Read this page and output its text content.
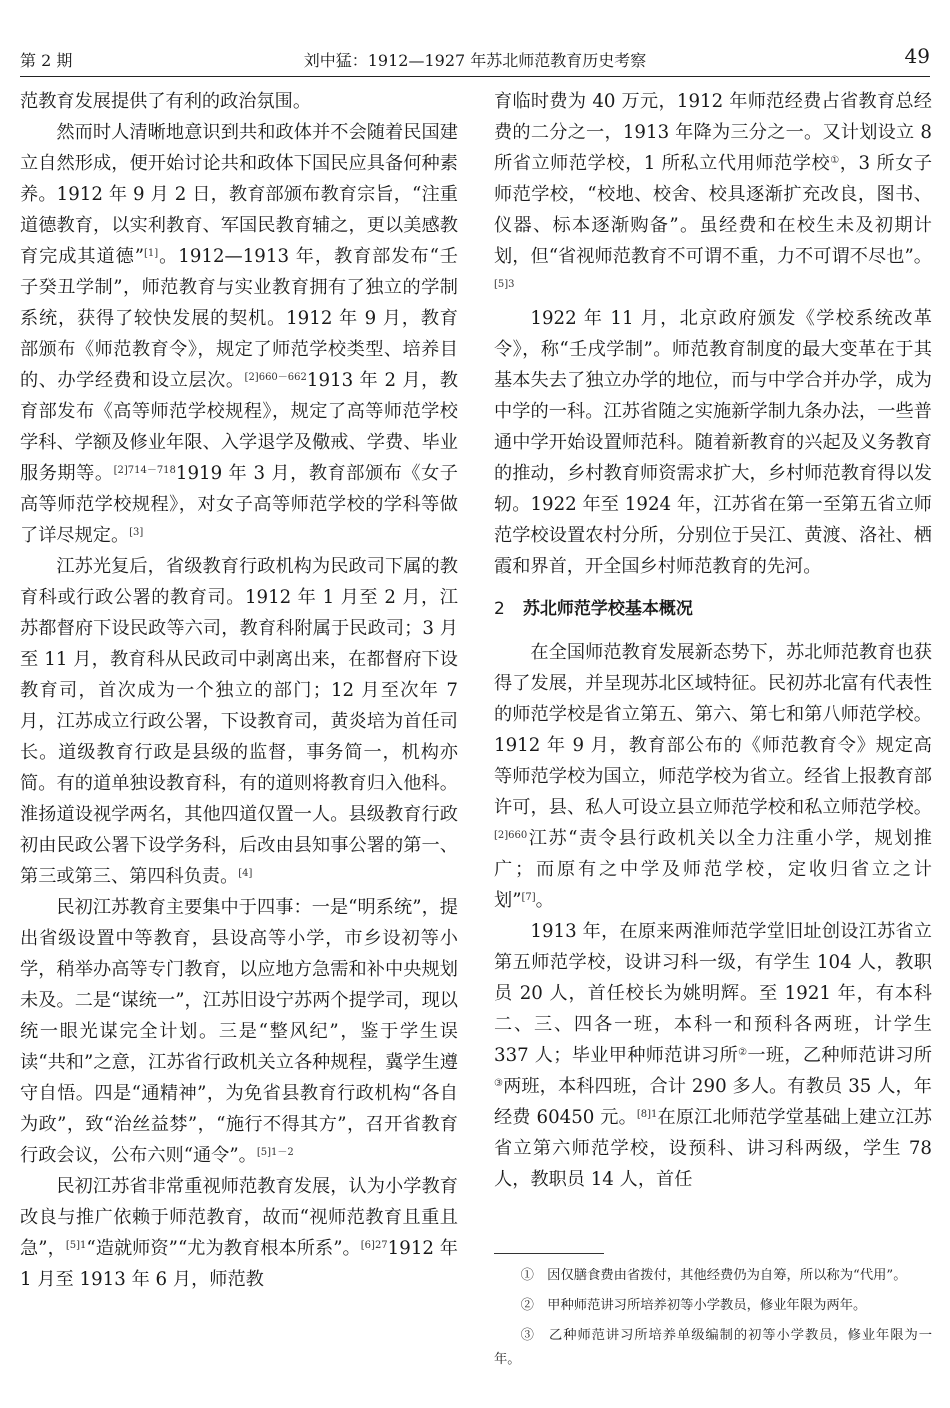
第 2 期	刘中猛：1912—1927 年苏北师范教育历史考察	49

范教育发展提供了有利的政治氛围。

然而时人清晰地意识到共和政体并不会随着民国建立自然形成，便开始讨论共和政体下国民应具备何种素养。1912 年 9 月 2 日，教育部颁布教育宗旨，“注重道德教育，以实利教育、军国民教育辅之，更以美感教育完成其道德”[1]。1912—1913 年，教育部发布“壬子癸丑学制”，师范教育与实业教育拥有了独立的学制系统，获得了较快发展的契机。1912 年 9 月，教育部颁布《师范教育令》，规定了师范学校类型、培养目的、办学经费和设立层次。$^{[2]660-662}$1913 年 2 月，教育部发布《高等师范学校规程》，规定了高等师范学校学科、学额及修业年限、入学退学及儆戒、学费、毕业服务期等。$^{[2]714-718}$1919 年 3 月，教育部颁布《女子高等师范学校规程》，对女子高等师范学校的学科等做了详尽规定。[3]

江苏光复后，省级教育行政机构为民政司下属的教育科或行政公署的教育司。1912 年 1 月至 2 月，江苏都督府下设民政等六司，教育科附属于民政司；3 月至 11 月，教育科从民政司中剥离出来，在都督府下设教育司，首次成为一个独立的部门；12 月至次年 7 月，江苏成立行政公署，下设教育司，黄炎培为首任司长。道级教育行政是县级的监督，事务简一，机构亦简。有的道单独设教育科，有的道则将教育归入他科。淮扬道设视学两名，其他四道仅置一人。县级教育行政初由民政公署下设学务科，后改由县知事公署的第一、第三或第三、第四科负责。[4]

民初江苏教育主要集中于四事：一是“明系统”，提出省级设置中等教育，县设高等小学，市乡设初等小学，稍举办高等专门教育，以应地方急需和补中央规划未及。二是“谋统一”，江苏旧设宁苏两个提学司，现以统一眼光谋完全计划。三是“整风纪”，鉴于学生误读“共和”之意，江苏省行政机关立各种规程，冀学生遵守自悟。四是“通精神”，为免省县教育行政机构“各自为政”，致“治丝益棼”，“施行不得其方”，召开省教育行政会议，公布六则“通令”。$^{[5]1-2}$

民初江苏省非常重视师范教育发展，认为小学教育改良与推广依赖于师范教育，故而“视师范教育且重且急”，$^{[5]1}$“造就师资”“尤为教育根本所系”。$^{[6]27}$1912 年 1 月至 1913 年 6 月，师范教

育临时费为 40 万元，1912 年师范经费占省教育总经费的二分之一，1913 年降为三分之一。又计划设立 8 所省立师范学校，1 所私立代用师范学校①，3 所女子师范学校，“校地、校舍、校具逐渐扩充改良，图书、仪器、标本逐渐购备”。虽经费和在校生未及初期计划，但“省视师范教育不可谓不重，力不可谓不尽也”。$^{[5]3}$

1922 年 11 月，北京政府颁发《学校系统改革令》，称“壬戌学制”。师范教育制度的最大变革在于其基本失去了独立办学的地位，而与中学合并办学，成为中学的一科。江苏省随之实施新学制九条办法，一些普通中学开始设置师范科。随着新教育的兴起及义务教育的推动，乡村教育师资需求扩大，乡村师范教育得以发轫。1922 年至 1924 年，江苏省在第一至第五省立师范学校设置农村分所，分别位于吴江、黄渡、洛社、栖霞和界首，开全国乡村师范教育的先河。

2 苏北师范学校基本概况

在全国师范教育发展新态势下，苏北师范教育也获得了发展，并呈现苏北区域特征。民初苏北富有代表性的师范学校是省立第五、第六、第七和第八师范学校。1912 年 9 月，教育部公布的《师范教育令》规定高等师范学校为国立，师范学校为省立。经省上报教育部许可，县、私人可设立县立师范学校和私立师范学校。$^{[2]660}$江苏“责令县行政机关以全力注重小学，规划推广；而原有之中学及师范学校，定收归省立之计划”[7]。

1913 年，在原来两淮师范学堂旧址创设江苏省立第五师范学校，设讲习科一级，有学生 104 人，教职员 20 人，首任校长为姚明辉。至 1921 年，有本科二、三、四各一班，本科一和预科各两班，计学生 337 人；毕业甲种师范讲习所②一班，乙种师范讲习所③两班，本科四班，合计 290 多人。有教员 35 人，年经费 60450 元。$^{[8]1}$在原江北师范学堂基础上建立江苏省立第六师范学校，设预科、讲习科两级，学生 78 人，教职员 14 人，首任

①　因仅膳食费由省拨付，其他经费仍为自筹，所以称为“代用”。

②　甲种师范讲习所培养初等小学教员，修业年限为两年。

③　乙种师范讲习所培养单级编制的初等小学教员，修业年限为一年。
